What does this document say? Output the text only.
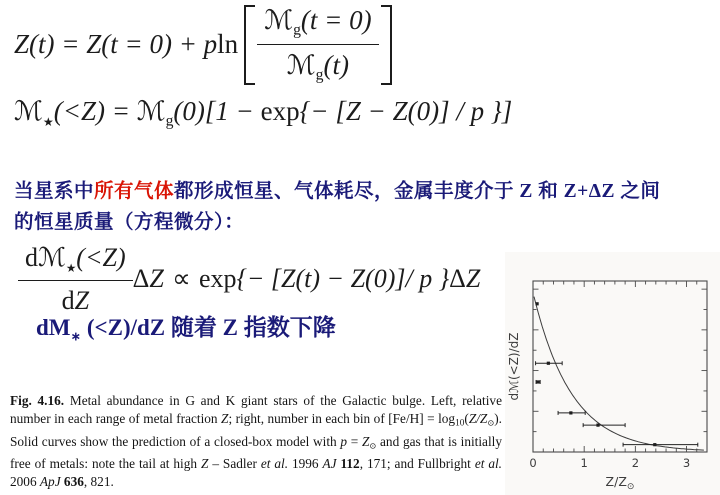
Z(t) = Z(t = 0) + p $\ln \frac{ℳ_g(t = 0)}{ℳ_g(t)}$
ℳ$_★$(<Z) = ℳ$_g$(0)[1 − exp{− [Z − Z(0)] / p }]
当星系中所有气体都形成恒星、气体耗尽，金属丰度介于 Z 和 Z+ΔZ 之间
的恒星质量（方程微分）：
$\frac{dℳ_★(<Z)}{dZ}$ ΔZ ∝ exp{− [Z(t) − Z(0)]/ p }ΔZ
$dM_∗$ (<Z)/dZ 随着 Z 指数下降
Fig. 4.16. Metal abundance in G and K giant stars of the Galactic bulge. Left, relative number in each range of metal fraction Z; right, number in each bin of $[Fe/H] = \log_{10}(Z/Z⊙)$. Solid curves show the prediction of a closed-box model with p = Z⊙ and gas that is initially free of metals: note the tail at high Z – Sadler et al. 1996 AJ 112, 171; and Fullbright et al. 2006 ApJ 636, 821.
0	1	2	3
$Z/Z_⊙$
dℳ(<Z)/dZ
